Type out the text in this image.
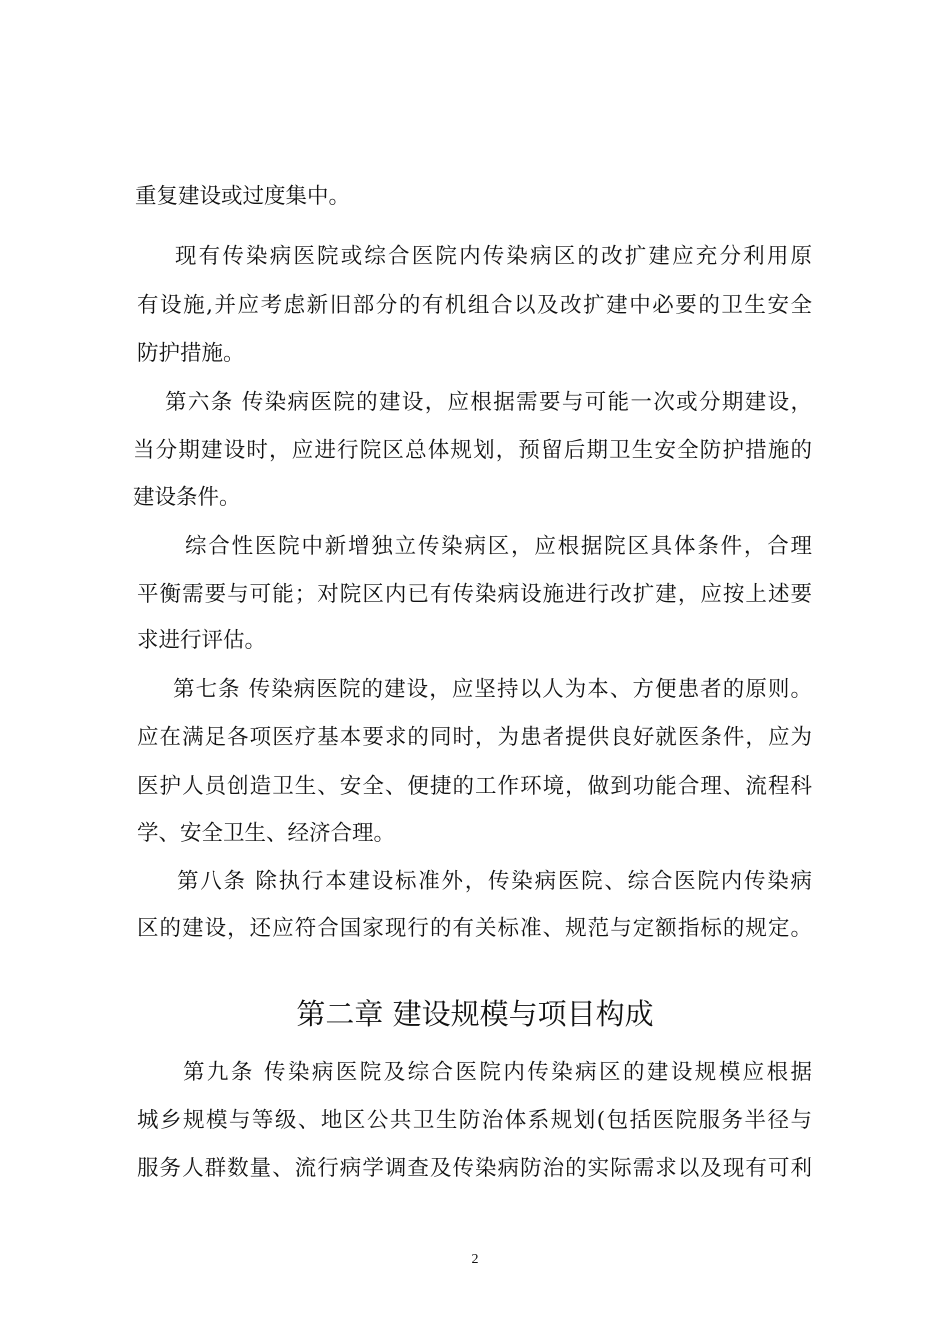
重复建设或过度集中。
现有传染病医院或综合医院内传染病区的改扩建应充分利用原
有设施,并应考虑新旧部分的有机组合以及改扩建中必要的卫生安全
防护措施。
第六条 传染病医院的建设，应根据需要与可能一次或分期建设，
当分期建设时，应进行院区总体规划，预留后期卫生安全防护措施的
建设条件。
综合性医院中新增独立传染病区，应根据院区具体条件，合理
平衡需要与可能；对院区内已有传染病设施进行改扩建，应按上述要
求进行评估。
第七条 传染病医院的建设，应坚持以人为本、方便患者的原则。
应在满足各项医疗基本要求的同时，为患者提供良好就医条件，应为
医护人员创造卫生、安全、便捷的工作环境，做到功能合理、流程科
学、安全卫生、经济合理。
第八条 除执行本建设标准外，传染病医院、综合医院内传染病
区的建设，还应符合国家现行的有关标准、规范与定额指标的规定。
第二章 建设规模与项目构成
第九条 传染病医院及综合医院内传染病区的建设规模应根据
城乡规模与等级、地区公共卫生防治体系规划(包括医院服务半径与
服务人群数量、流行病学调查及传染病防治的实际需求以及现有可利
2
